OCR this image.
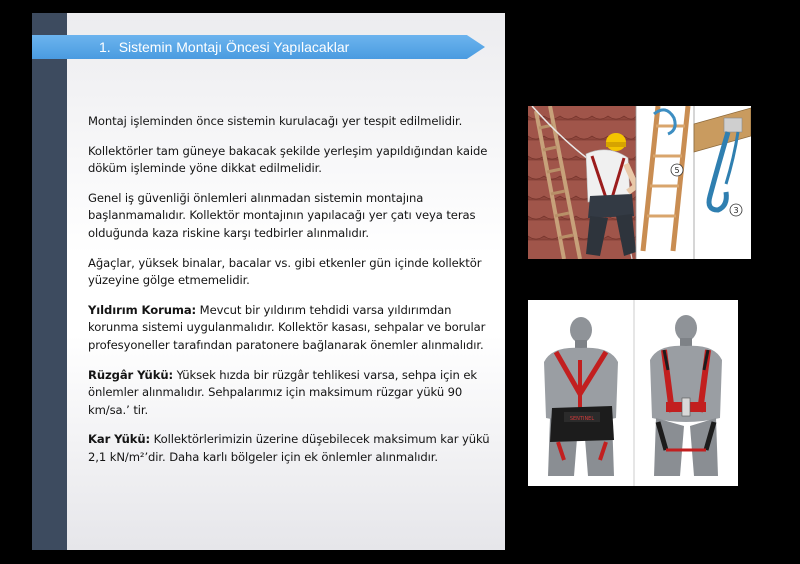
1. Sistemin Montajı Öncesi Yapılacaklar

Montaj işleminden önce sistemin kurulacağı yer tespit edilmelidir.

Kollektörler tam güneye bakacak şekilde yerleşim yapıldığından kaide döküm işleminde yöne dikkat edilmelidir.

Genel iş güvenliği önlemleri alınmadan sistemin montajına başlanmamalıdır. Kollektör montajının yapılacağı yer çatı veya teras olduğunda kaza riskine karşı tedbirler alınmalıdır.

Ağaçlar, yüksek binalar, bacalar vs. gibi etkenler gün içinde kollektör yüzeyine gölge etmemelidir.

Yıldırım Koruma: Mevcut bir yıldırım tehdidi varsa yıldırımdan korunma sistemi uygulanmalıdır. Kollektör kasası, sehpalar ve borular profesyoneller tarafından paratonere bağlanarak önemler alınmalıdır.

Rüzgâr Yükü: Yüksek hızda bir rüzgâr tehlikesi varsa, sehpa için ek önlemler alınmalıdır. Sehpalarımız için maksimum rüzgar yükü 90 km/sa.’ tir.

Kar Yükü: Kollektörlerimizin üzerine düşebilecek maksimum kar yükü 2,1 kN/m²’dir. Daha karlı bölgeler için ek önlemler alınmalıdır.

5
3
SENTINEL
